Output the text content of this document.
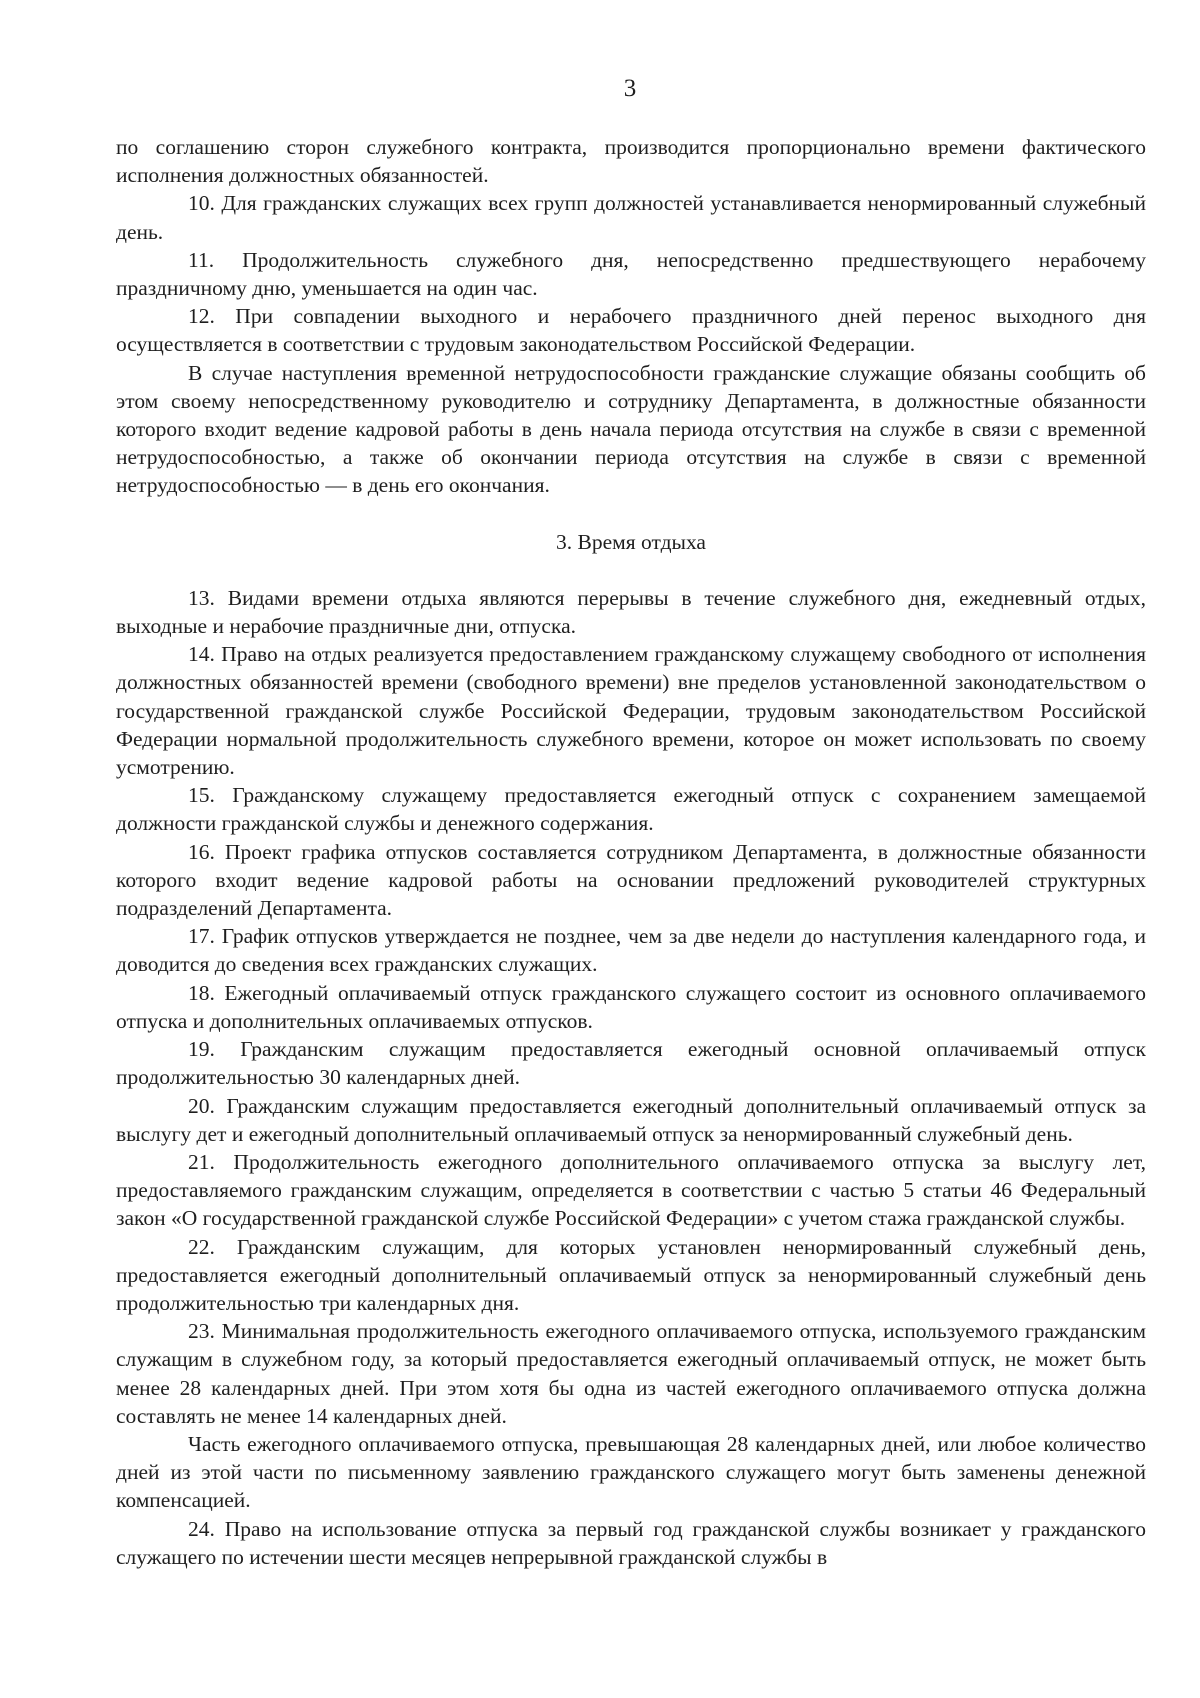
3

по соглашению сторон служебного контракта, производится пропорционально времени фактического исполнения должностных обязанностей.

10. Для гражданских служащих всех групп должностей устанавливается ненормированный служебный день.

11. Продолжительность служебного дня, непосредственно предшествующего нерабочему праздничному дню, уменьшается на один час.

12. При совпадении выходного и нерабочего праздничного дней перенос выходного дня осуществляется в соответствии с трудовым законодательством Российской Федерации.

В случае наступления временной нетрудоспособности гражданские служащие обязаны сообщить об этом своему непосредственному руководителю и сотруднику Департамента, в должностные обязанности которого входит ведение кадровой работы в день начала периода отсутствия на службе в связи с временной нетрудоспособностью, а также об окончании периода отсутствия на службе в связи с временной нетрудоспособностью — в день его окончания.

3. Время отдыха

13. Видами времени отдыха являются перерывы в течение служебного дня, ежедневный отдых, выходные и нерабочие праздничные дни, отпуска.

14. Право на отдых реализуется предоставлением гражданскому служащему свободного от исполнения должностных обязанностей времени (свободного времени) вне пределов установленной законодательством о государственной гражданской службе Российской Федерации, трудовым законодательством Российской Федерации нормальной продолжительность служебного времени, которое он может использовать по своему усмотрению.

15. Гражданскому служащему предоставляется ежегодный отпуск с сохранением замещаемой должности гражданской службы и денежного содержания.

16. Проект графика отпусков составляется сотрудником Департамента, в должностные обязанности которого входит ведение кадровой работы на основании предложений руководителей структурных подразделений Департамента.

17. График отпусков утверждается не позднее, чем за две недели до наступления календарного года, и доводится до сведения всех гражданских служащих.

18. Ежегодный оплачиваемый отпуск гражданского служащего состоит из основного оплачиваемого отпуска и дополнительных оплачиваемых отпусков.

19. Гражданским служащим предоставляется ежегодный основной оплачиваемый отпуск продолжительностью 30 календарных дней.

20. Гражданским служащим предоставляется ежегодный дополнительный оплачиваемый отпуск за выслугу дет и ежегодный дополнительный оплачиваемый отпуск за ненормированный служебный день.

21. Продолжительность ежегодного дополнительного оплачиваемого отпуска за выслугу лет, предоставляемого гражданским служащим, определяется в соответствии с частью 5 статьи 46 Федеральный закон «О государственной гражданской службе Российской Федерации» с учетом стажа гражданской службы.

22. Гражданским служащим, для которых установлен ненормированный служебный день, предоставляется ежегодный дополнительный оплачиваемый отпуск за ненормированный служебный день продолжительностью три календарных дня.

23. Минимальная продолжительность ежегодного оплачиваемого отпуска, используемого гражданским служащим в служебном году, за который предоставляется ежегодный оплачиваемый отпуск, не может быть менее 28 календарных дней. При этом хотя бы одна из частей ежегодного оплачиваемого отпуска должна составлять не менее 14 календарных дней.

Часть ежегодного оплачиваемого отпуска, превышающая 28 календарных дней, или любое количество дней из этой части по письменному заявлению гражданского служащего могут быть заменены денежной компенсацией.

24. Право на использование отпуска за первый год гражданской службы возникает у гражданского служащего по истечении шести месяцев непрерывной гражданской службы в
